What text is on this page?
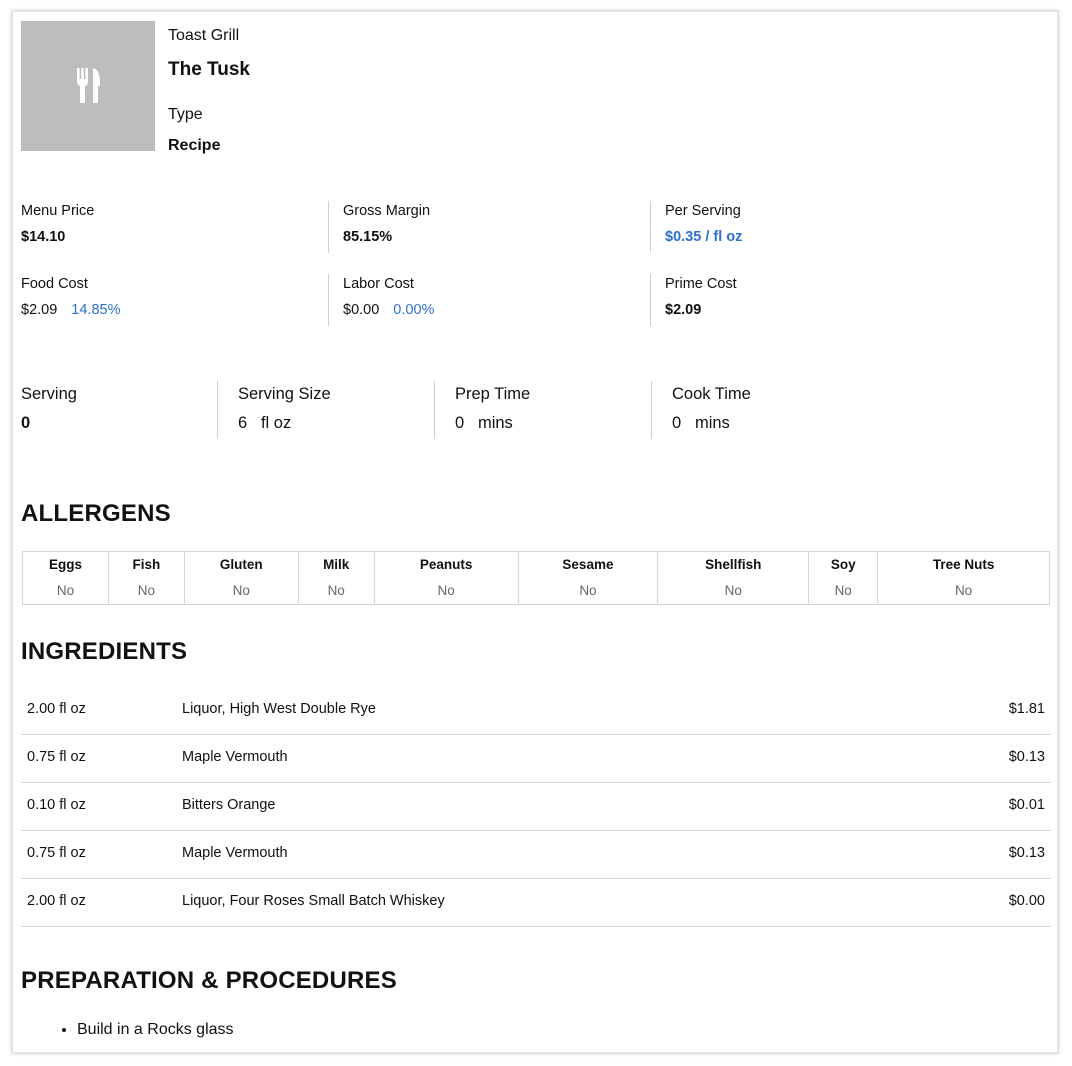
Toast Grill
The Tusk
Type
Recipe
Menu Price
$14.10
Gross Margin
85.15%
Per Serving
$0.35 / fl oz
Food Cost
$2.09 14.85%
Labor Cost
$0.00 0.00%
Prime Cost
$2.09
Serving
0
Serving Size
6 fl oz
Prep Time
0 mins
Cook Time
0 mins
ALLERGENS
Eggs	Fish	Gluten	Milk	Peanuts	Sesame	Shellfish	Soy	Tree Nuts
No	No	No	No	No	No	No	No	No
INGREDIENTS
2.00 fl oz	Liquor, High West Double Rye	$1.81
0.75 fl oz	Maple Vermouth	$0.13
0.10 fl oz	Bitters Orange	$0.01
0.75 fl oz	Maple Vermouth	$0.13
2.00 fl oz	Liquor, Four Roses Small Batch Whiskey	$0.00
PREPARATION & PROCEDURES
• Build in a Rocks glass
